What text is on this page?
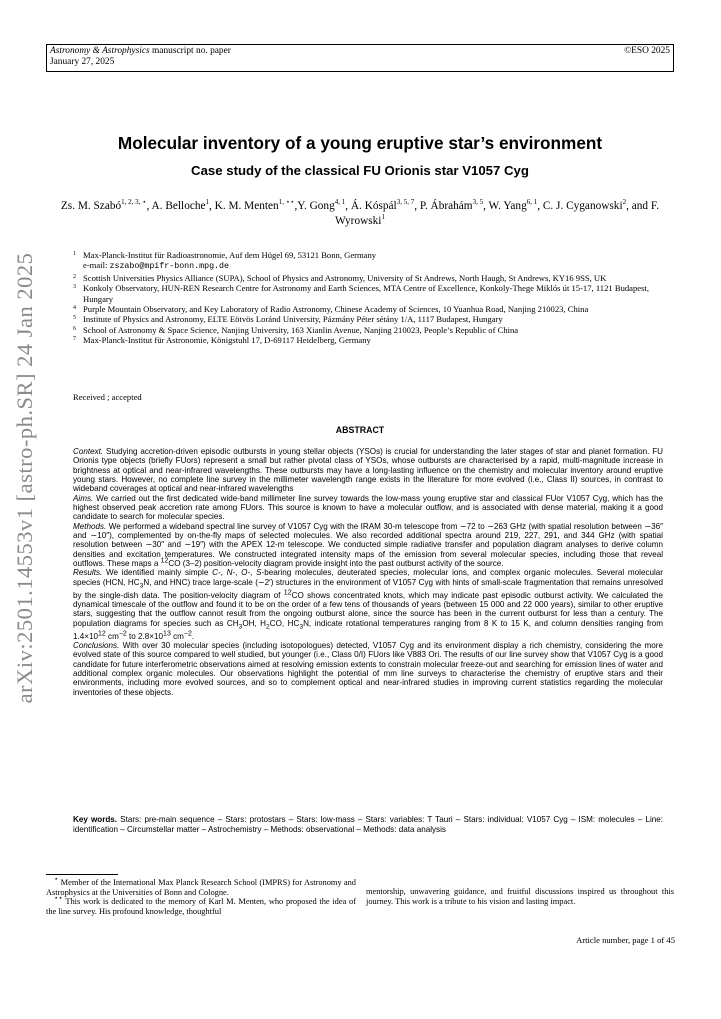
Astronomy & Astrophysics manuscript no. paper
January 27, 2025
©ESO 2025
arXiv:2501.14553v1 [astro-ph.SR] 24 Jan 2025
Molecular inventory of a young eruptive star’s environment
Case study of the classical FU Orionis star V1057 Cyg
Zs. M. Szabó$^{1, 2, 3, ⋆}$, A. Belloche$^1$, K. M. Menten$^{1, ⋆⋆}$,Y. Gong$^{4, 1}$, Á. Kóspál$^{3, 5, 7}$, P. Ábrahám$^{3, 5}$, W. Yang$^{6, 1}$, C. J. Cyganowski$^2$, and F. Wyrowski$^1$
1 Max-Planck-Institut für Radioastronomie, Auf dem Hügel 69, 53121 Bonn, Germany
e-mail: zszabo@mpifr-bonn.mpg.de
2 Scottish Universities Physics Alliance (SUPA), School of Physics and Astronomy, University of St Andrews, North Haugh, St Andrews, KY16 9SS, UK
3 Konkoly Observatory, HUN-REN Research Centre for Astronomy and Earth Sciences, MTA Centre of Excellence, Konkoly-Thege Miklós út 15-17, 1121 Budapest, Hungary
4 Purple Mountain Observatory, and Key Laboratory of Radio Astronomy, Chinese Academy of Sciences, 10 Yuanhua Road, Nanjing 210023, China
5 Institute of Physics and Astronomy, ELTE Eötvös Loránd University, Pázmány Péter sétány 1/A, 1117 Budapest, Hungary
6 School of Astronomy & Space Science, Nanjing University, 163 Xianlin Avenue, Nanjing 210023, People’s Republic of China
7 Max-Planck-Institut für Astronomie, Königstuhl 17, D-69117 Heidelberg, Germany
Received ; accepted
ABSTRACT

Context. Studying accretion-driven episodic outbursts in young stellar objects (YSOs) is crucial for understanding the later stages of star and planet formation. FU Orionis type objects (briefly FUors) represent a small but rather pivotal class of YSOs, whose outbursts are characterised by a rapid, multi-magnitude increase in brightness at optical and near-infrared wavelengths. These outbursts may have a long-lasting influence on the chemistry and molecular inventory around eruptive young stars. However, no complete line survey in the millimeter wavelength range exists in the literature for more evolved (i.e., Class II) sources, in contrast to wideband coverages at optical and near-infrared wavelengths

Aims. We carried out the first dedicated wide-band millimeter line survey towards the low-mass young eruptive star and classical FUor V1057 Cyg, which has the highest observed peak accretion rate among FUors. This source is known to have a molecular outflow, and is associated with dense material, making it a good candidate to search for molecular species.

Methods. We performed a wideband spectral line survey of V1057 Cyg with the IRAM 30-m telescope from ∼72 to ∼263 GHz (with spatial resolution between ∼36″ and ∼10″), complemented by on-the-fly maps of selected molecules. We also recorded additional spectra around 219, 227, 291, and 344 GHz (with spatial resolution between ∼30″ and ∼19″) with the APEX 12-m telescope. We conducted simple radiative transfer and population diagram analyses to derive column densities and excitation temperatures. We constructed integrated intensity maps of the emission from several molecular species, including those that reveal outflows. These maps a $^{12}$CO (3–2) position-velocity diagram provide insight into the past outburst activity of the source.

Results. We identified mainly simple C-, N-, O-, S-bearing molecules, deuterated species, molecular ions, and complex organic molecules. Several molecular species (HCN, $HC_3N$, and HNC) trace large-scale (∼2′) structures in the environment of V1057 Cyg with hints of small-scale fragmentation that remains unresolved by the single-dish data. The position-velocity diagram of $^{12}$CO shows concentrated knots, which may indicate past episodic outburst activity. We calculated the dynamical timescale of the outflow and found it to be on the order of a few tens of thousands of years (between 15 000 and 22 000 years), similar to other eruptive stars, suggesting that the outflow cannot result from the ongoing outburst alone, since the source has been in the current outburst for less than a century. The population diagrams for species such as $CH_3OH$, $H_2CO$, $HC_3N$, indicate rotational temperatures ranging from 8 K to 15 K, and column densities ranging from $1.4\times 10^{12}$ $cm^{-2}$ to $2.8\times 10^{13}$ $cm^{-2}$.

Conclusions. With over 30 molecular species (including isotopologues) detected, V1057 Cyg and its environment display a rich chemistry, considering the more evolved state of this source compared to well studied, but younger (i.e., Class 0/I) FUors like V883 Ori. The results of our line survey show that V1057 Cyg is a good candidate for future interferometric observations aimed at resolving emission extents to constrain molecular freeze-out and searching for emission lines of water and additional complex organic molecules. Our observations highlight the potential of mm line surveys to characterise the chemistry of eruptive stars and their environments, including more evolved sources, and so to complement optical and near-infrared studies in improving current statistics regarding the molecular inventories of these objects.

Key words. Stars: pre-main sequence – Stars: protostars – Stars: low-mass – Stars: variables: T Tauri – Stars: individual: V1057 Cyg – ISM: molecules – Line: identification – Circumstellar matter – Astrochemistry – Methods: observational – Methods: data analysis

⋆ Member of the International Max Planck Research School (IMPRS) for Astronomy and Astrophysics at the Universities of Bonn and Cologne.

⋆⋆ This work is dedicated to the memory of Karl M. Menten, who proposed the idea of the line survey. His profound knowledge, thoughtful

mentorship, unwavering guidance, and fruitful discussions inspired us throughout this journey. This work is a tribute to his vision and lasting impact.
Article number, page 1 of 45
